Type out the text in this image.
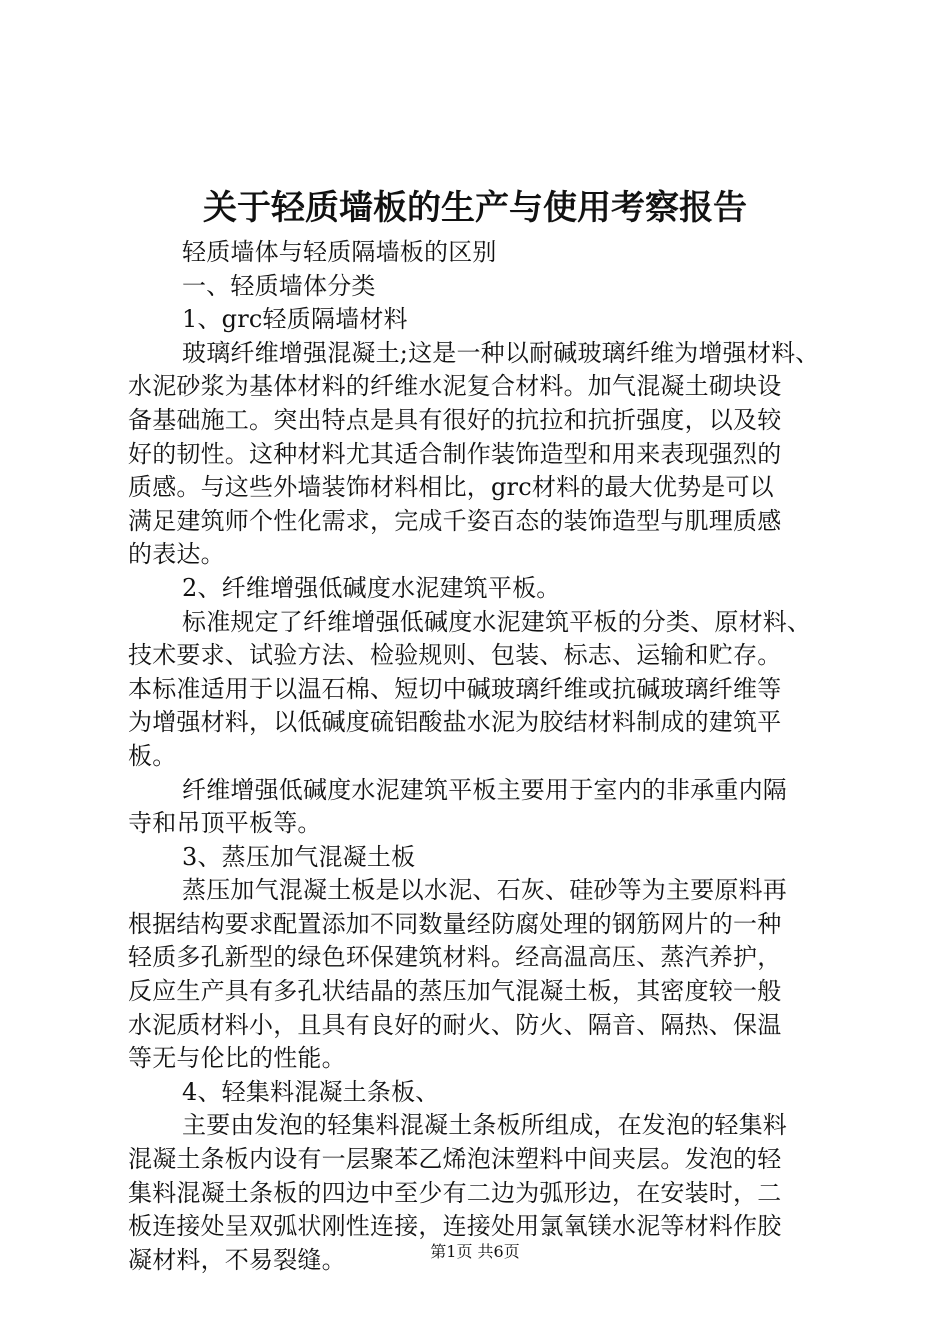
关于轻质墙板的生产与使用考察报告
轻质墙体与轻质隔墙板的区别
一、轻质墙体分类
1、grc轻质隔墙材料
玻璃纤维增强混凝土;这是一种以耐碱玻璃纤维为增强材料、
水泥砂浆为基体材料的纤维水泥复合材料。加气混凝土砌块设
备基础施工。突出特点是具有很好的抗拉和抗折强度，以及较
好的韧性。这种材料尤其适合制作装饰造型和用来表现强烈的
质感。与这些外墙装饰材料相比，grc材料的最大优势是可以
满足建筑师个性化需求，完成千姿百态的装饰造型与肌理质感
的表达。
2、纤维增强低碱度水泥建筑平板。
标准规定了纤维增强低碱度水泥建筑平板的分类、原材料、
技术要求、试验方法、检验规则、包装、标志、运输和贮存。
本标准适用于以温石棉、短切中碱玻璃纤维或抗碱玻璃纤维等
为增强材料，以低碱度硫铝酸盐水泥为胶结材料制成的建筑平
板。
纤维增强低碱度水泥建筑平板主要用于室内的非承重内隔
寺和吊顶平板等。
3、蒸压加气混凝土板
蒸压加气混凝土板是以水泥、石灰、硅砂等为主要原料再
根据结构要求配置添加不同数量经防腐处理的钢筋网片的一种
轻质多孔新型的绿色环保建筑材料。经高温高压、蒸汽养护，
反应生产具有多孔状结晶的蒸压加气混凝土板，其密度较一般
水泥质材料小，且具有良好的耐火、防火、隔音、隔热、保温
等无与伦比的性能。
4、轻集料混凝土条板、
主要由发泡的轻集料混凝土条板所组成，在发泡的轻集料
混凝土条板内设有一层聚苯乙烯泡沫塑料中间夹层。发泡的轻
集料混凝土条板的四边中至少有二边为弧形边，在安装时，二
板连接处呈双弧状刚性连接，连接处用氯氧镁水泥等材料作胶
凝材料，不易裂缝。	第1页 共6页
